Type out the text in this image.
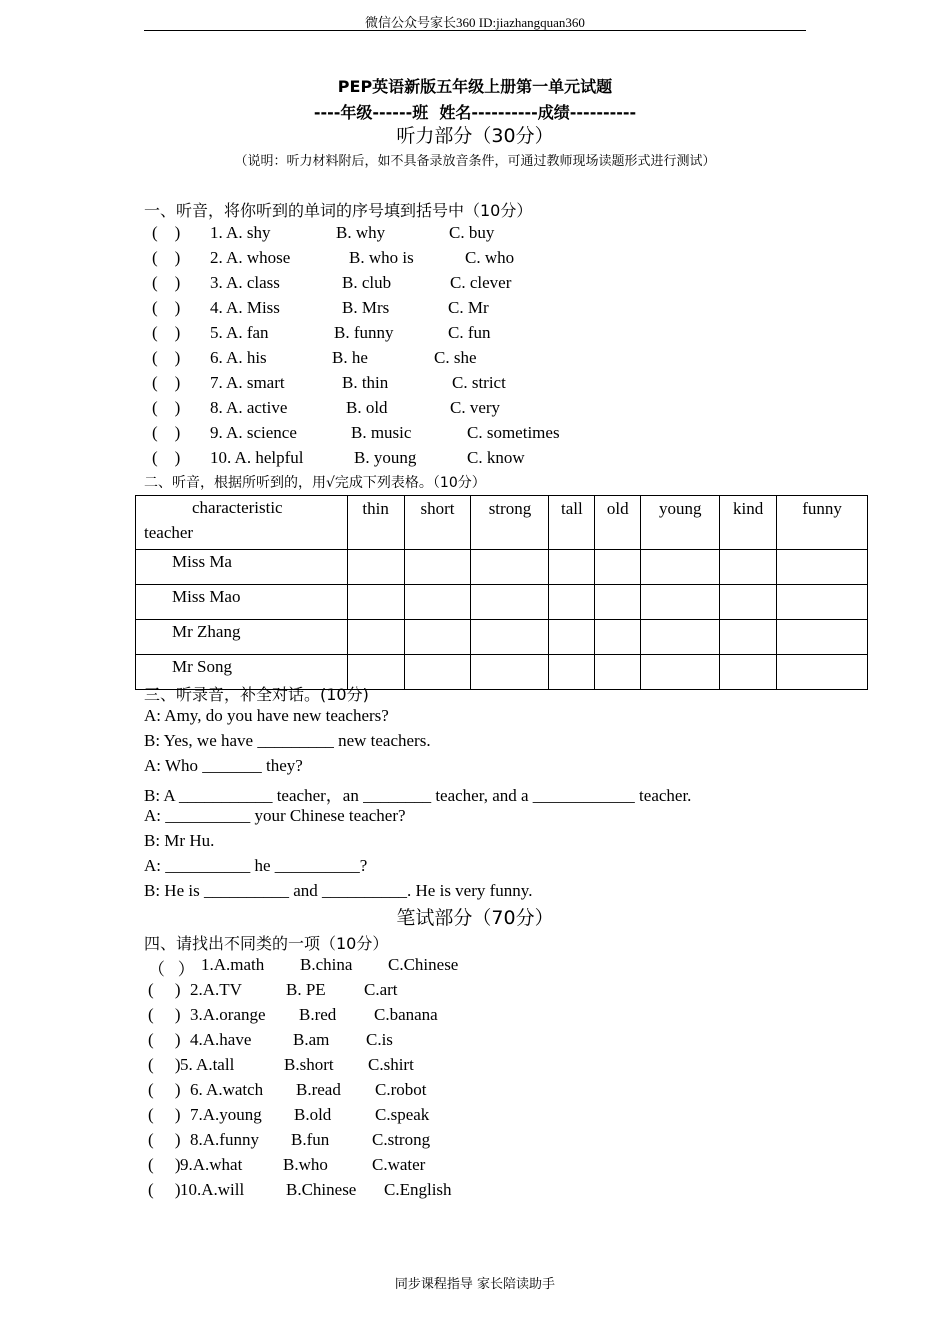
微信公众号家长360 ID:jiazhangquan360
PEP英语新版五年级上册第一单元试题
----年级------班  姓名----------成绩----------
听力部分（30分）
（说明：听力材料附后，如不具备录放音条件，可通过教师现场读题形式进行测试）
一、听音，将你听到的单词的序号填到括号中（10分）
(    ) 1. A. shy	B. why	C. buy
(    ) 2. A. whose	B. who is	C. who
(    ) 3. A. class	B. club	C. clever
(    ) 4. A. Miss	B. Mrs	C. Mr
(    ) 5. A. fan	B. funny	C. fun
(    ) 6. A. his	B. he	C. she
(    ) 7. A. smart	B. thin	C. strict
(    ) 8. A. active	B. old	C. very
(    ) 9. A. science	B. music	C. sometimes
(    ) 10. A. helpful	B. young	C. know
二、听音，根据所听到的，用√完成下列表格。（10分）
characteristic
teacher	thin	short	strong	tall	old	young	kind	funny
Miss Ma								
Miss Mao								
Mr Zhang								
Mr Song								
三、听录音，补全对话。(10分)
A: Amy, do you have new teachers?
B: Yes, we have _________ new teachers.
A: Who _______ they?
B: A ___________ teacher，an ________ teacher, and a ____________ teacher.
A: __________ your Chinese teacher?
B: Mr Hu.
A: __________ he __________?
B: He is __________ and __________. He is very funny.
笔试部分（70分）
四、请找出不同类的一项（10分）
（   ） 1.A.math B.china C.Chinese
(     ) 2.A.TV	B. PE C.art
(     ) 3.A.orange B.red C.banana
(     ) 4.A.have B.am C.is
(     ) 5. A.tall	B.short C.shirt
(     ) 6. A.watch B.read C.robot
(     ) 7.A.young B.old	C.speak
(     ) 8.A.funny B.fun	C.strong
(     ) 9.A.what B.who	C.water
(     ) 10.A.will B.Chinese C.English
同步课程指导 家长陪读助手
